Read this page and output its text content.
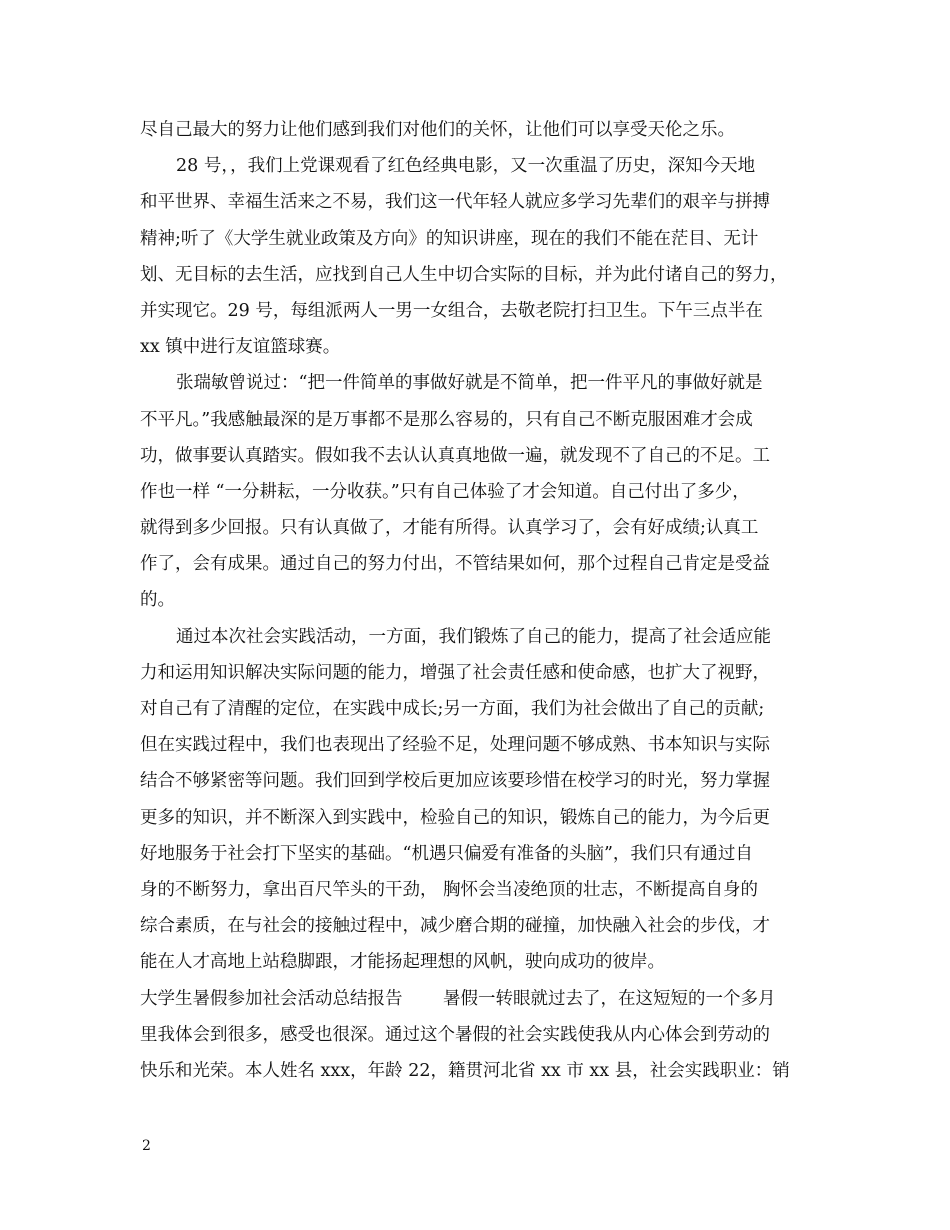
尽自己最大的努力让他们感到我们对他们的关怀，让他们可以享受天伦之乐。
28 号，，我们上党课观看了红色经典电影，又一次重温了历史，深知今天地
和平世界、幸福生活来之不易，我们这一代年轻人就应多学习先辈们的艰辛与拼搏
精神;听了《大学生就业政策及方向》的知识讲座，现在的我们不能在茫目、无计
划、无目标的去生活，应找到自己人生中切合实际的目标，并为此付诸自己的努力，
并实现它。29 号，每组派两人一男一女组合，去敬老院打扫卫生。下午三点半在
xx 镇中进行友谊篮球赛。
张瑞敏曾说过：“把一件简单的事做好就是不简单，把一件平凡的事做好就是
不平凡。”我感触最深的是万事都不是那么容易的，只有自己不断克服困难才会成
功，做事要认真踏实。假如我不去认认真真地做一遍，就发现不了自己的不足。工
作也一样 “一分耕耘，一分收获。”只有自己体验了才会知道。自己付出了多少，
就得到多少回报。只有认真做了，才能有所得。认真学习了，会有好成绩;认真工
作了，会有成果。通过自己的努力付出，不管结果如何，那个过程自己肯定是受益
的。
通过本次社会实践活动，一方面，我们锻炼了自己的能力，提高了社会适应能
力和运用知识解决实际问题的能力，增强了社会责任感和使命感，也扩大了视野，
对自己有了清醒的定位，在实践中成长;另一方面，我们为社会做出了自己的贡献;
但在实践过程中，我们也表现出了经验不足，处理问题不够成熟、书本知识与实际
结合不够紧密等问题。我们回到学校后更加应该要珍惜在校学习的时光，努力掌握
更多的知识，并不断深入到实践中，检验自己的知识，锻炼自己的能力，为今后更
好地服务于社会打下坚实的基础。“机遇只偏爱有准备的头脑”，我们只有通过自
身的不断努力，拿出百尺竿头的干劲， 胸怀会当凌绝顶的壮志，不断提高自身的
综合素质，在与社会的接触过程中，减少磨合期的碰撞，加快融入社会的步伐，才
能在人才高地上站稳脚跟，才能扬起理想的风帆，驶向成功的彼岸。
大学生暑假参加社会活动总结报告 　　暑假一转眼就过去了，在这短短的一个多月
里我体会到很多，感受也很深。通过这个暑假的社会实践使我从内心体会到劳动的
快乐和光荣。本人姓名 xxx，年龄 22，籍贯河北省 xx 市 xx 县，社会实践职业：销
2
